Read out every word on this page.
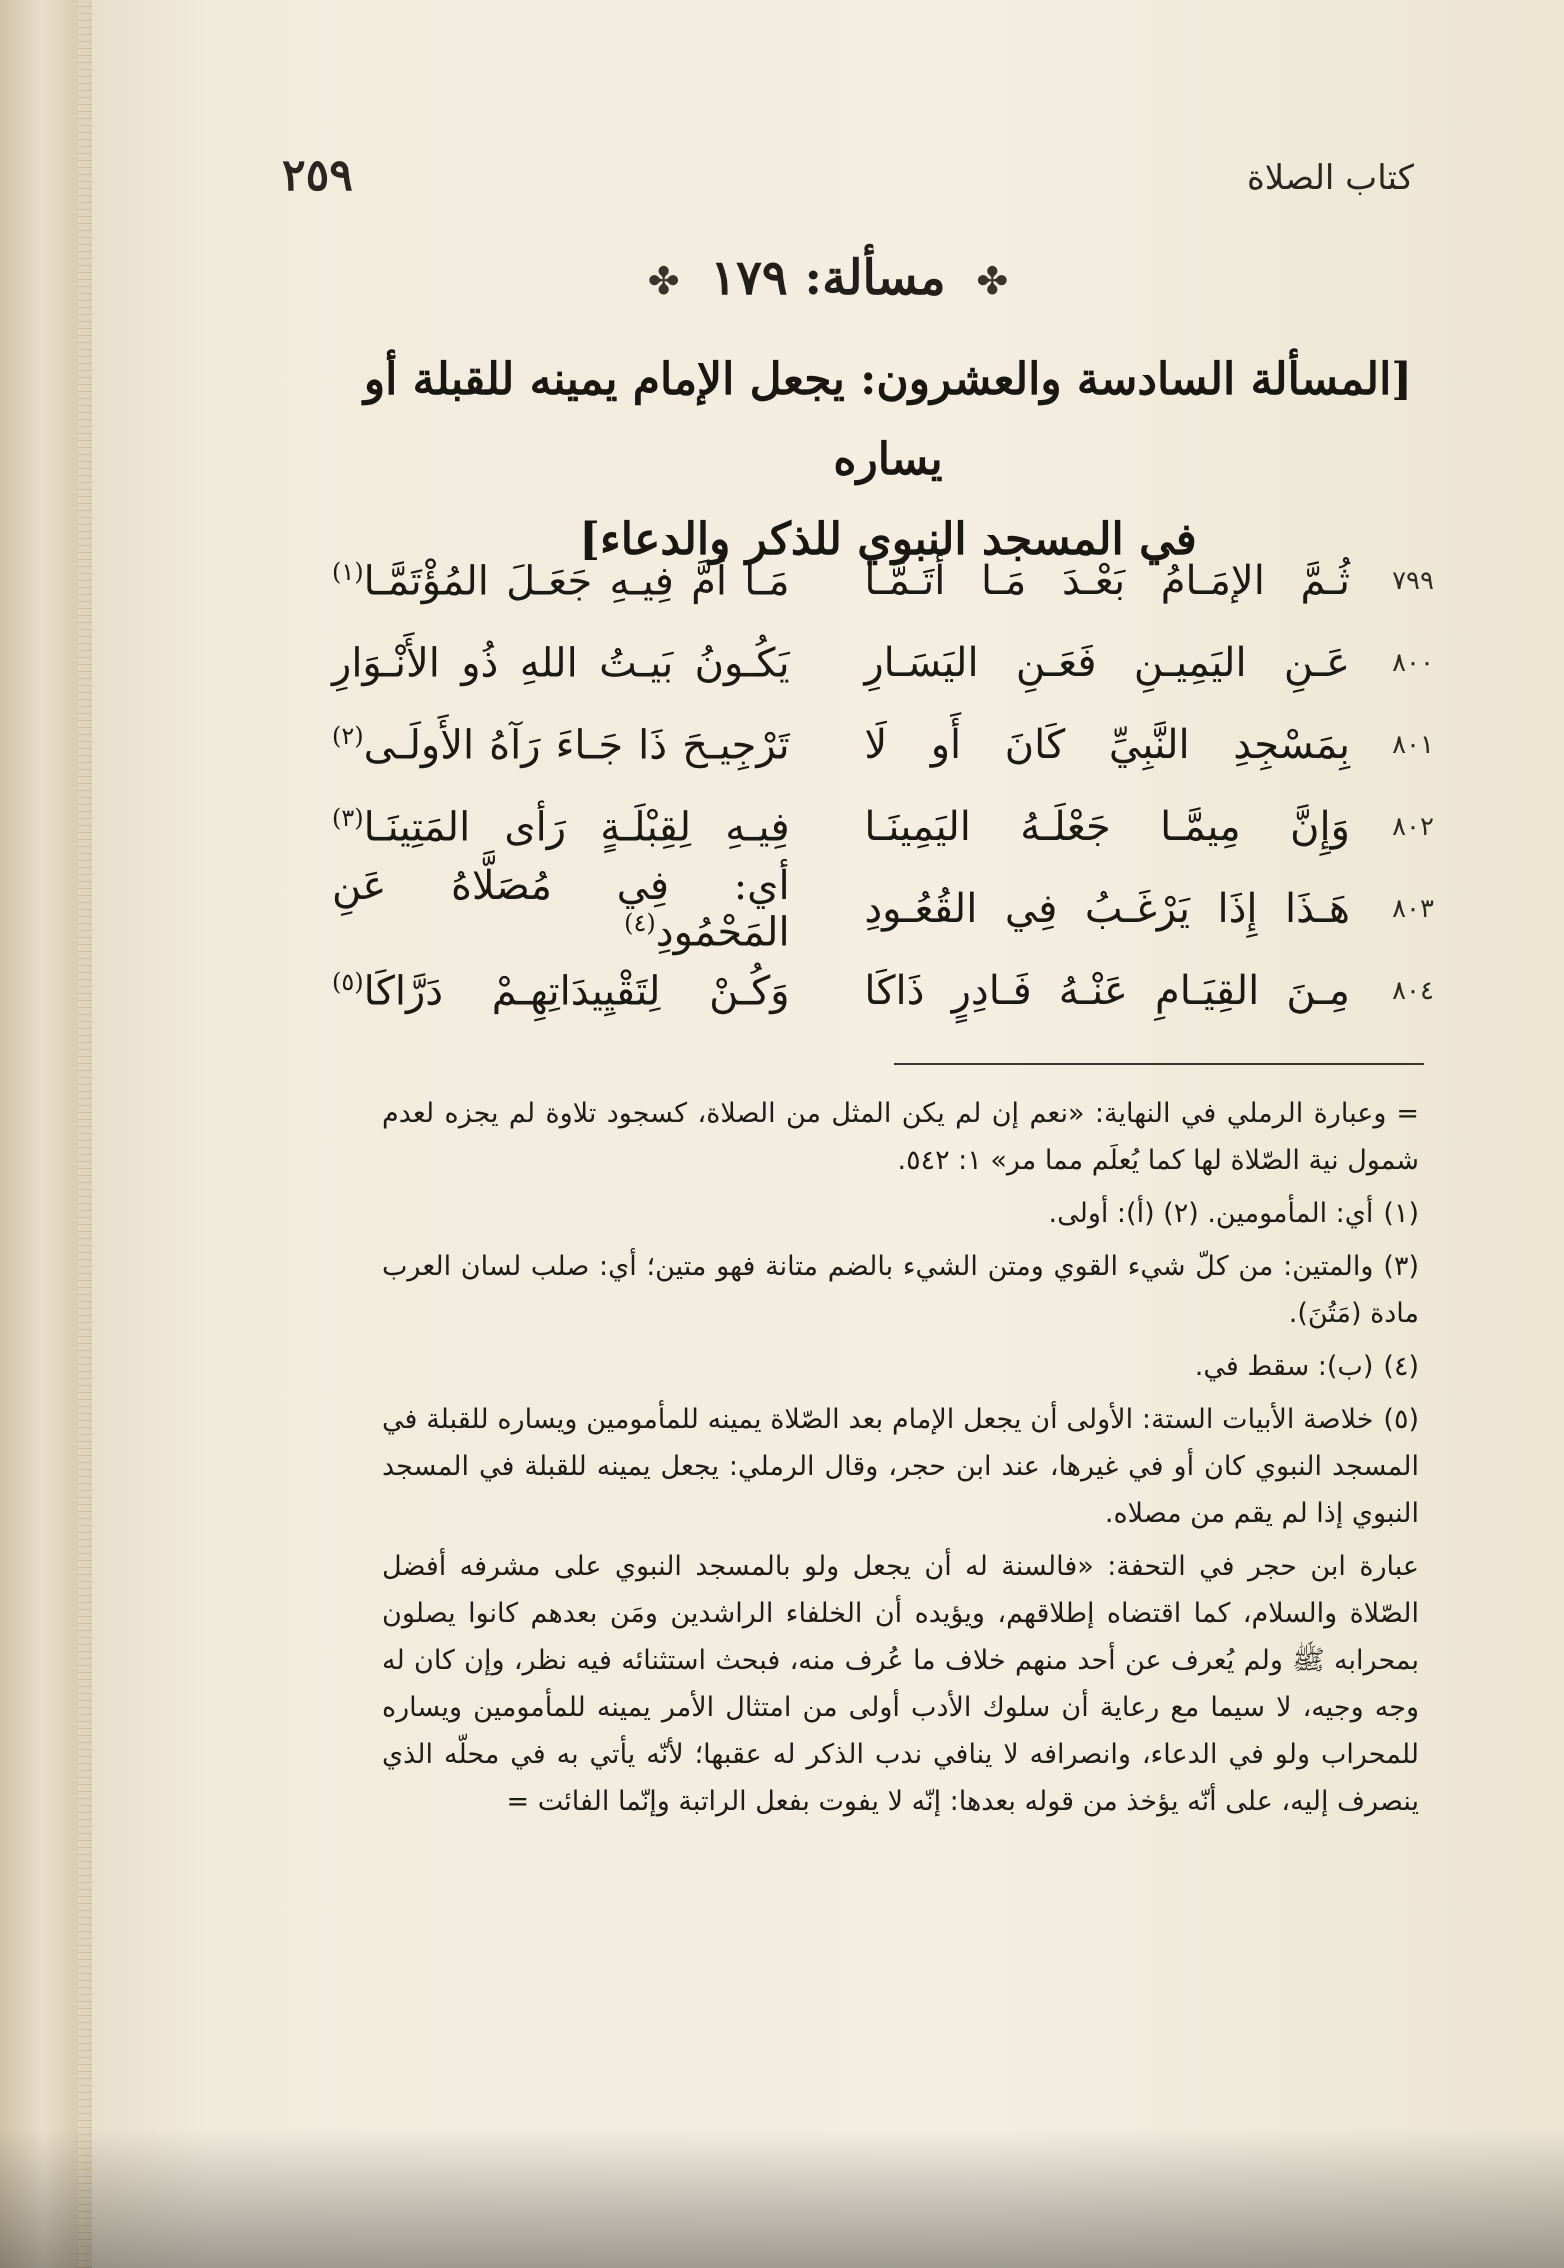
كتاب الصلاة
٢٥٩
✤ مسألة: ١٧٩ ✤
[المسألة السادسة والعشرون: يجعل الإمام يمينه للقبلة أو يساره
في المسجد النبوي للذكر والدعاء]
٧٩٩
ثُـمَّ الإمَـامُ بَعْـدَ مَـا أَتَـمَّـا
مَـا أَمَّ فِيـهِ جَعَـلَ المُؤْتَمَّـا$^{(١)}$
٨٠٠
عَـنِ اليَمِيـنِ فَعَـنِ اليَسَـارِ
يَكُـونُ بَيـتُ اللهِ ذُو الأَنْـوَارِ
٨٠١
بِمَسْجِدِ النَّبِيِّ كَانَ أَو لَا
تَرْجِيـحَ ذَا جَـاءَ رَآهُ الأَولَـى$^{(٢)}$
٨٠٢
وَإِنَّ مِيمَّـا جَعْلَـهُ اليَمِينَـا
فِيـهِ لِقِبْلَـةٍ رَأى المَتِينَـا$^{(٣)}$
٨٠٣
هَـذَا إِذَا يَرْغَـبُ فِي القُعُـودِ
أي: فِي مُصَلَّاهُ عَنِ المَحْمُودِ$^{(٤)}$
٨٠٤
مِـنَ القِيَـامِ عَنْـهُ فَـادِرٍ ذَاكَا
وَكُـنْ لِتَقْيِيدَاتِهِـمْ دَرَّاكَا$^{(٥)}$

=وعبارة الرملي في النهاية: «نعم إن لم يكن المثل من الصلاة، كسجود تلاوة لم يجزه لعدم شمول نية الصّلاة لها كما يُعلَم مما مر» ١: ٥٤٢.

(١)أي: المأمومين. (٢) (أ): أولى.

(٣)والمتين: من كلّ شيء القوي ومتن الشيء بالضم متانة فهو متين؛ أي: صلب لسان العرب مادة (مَتُنَ).

(٤)(ب): سقط في.

(٥)خلاصة الأبيات الستة: الأولى أن يجعل الإمام بعد الصّلاة يمينه للمأمومين ويساره للقبلة في المسجد النبوي كان أو في غيرها، عند ابن حجر، وقال الرملي: يجعل يمينه للقبلة في المسجد النبوي إذا لم يقم من مصلاه.

عبارة ابن حجر في التحفة: «فالسنة له أن يجعل ولو بالمسجد النبوي على مشرفه أفضل الصّلاة والسلام، كما اقتضاه إطلاقهم، ويؤيده أن الخلفاء الراشدين ومَن بعدهم كانوا يصلون بمحرابه ﷺ ولم يُعرف عن أحد منهم خلاف ما عُرف منه، فبحث استثنائه فيه نظر، وإن كان له وجه وجيه، لا سيما مع رعاية أن سلوك الأدب أولى من امتثال الأمر يمينه للمأمومين ويساره للمحراب ولو في الدعاء، وانصرافه لا ينافي ندب الذكر له عقبها؛ لأنّه يأتي به في محلّه الذي ينصرف إليه، على أنّه يؤخذ من قوله بعدها: إنّه لا يفوت بفعل الراتبة وإنّما الفائت =
